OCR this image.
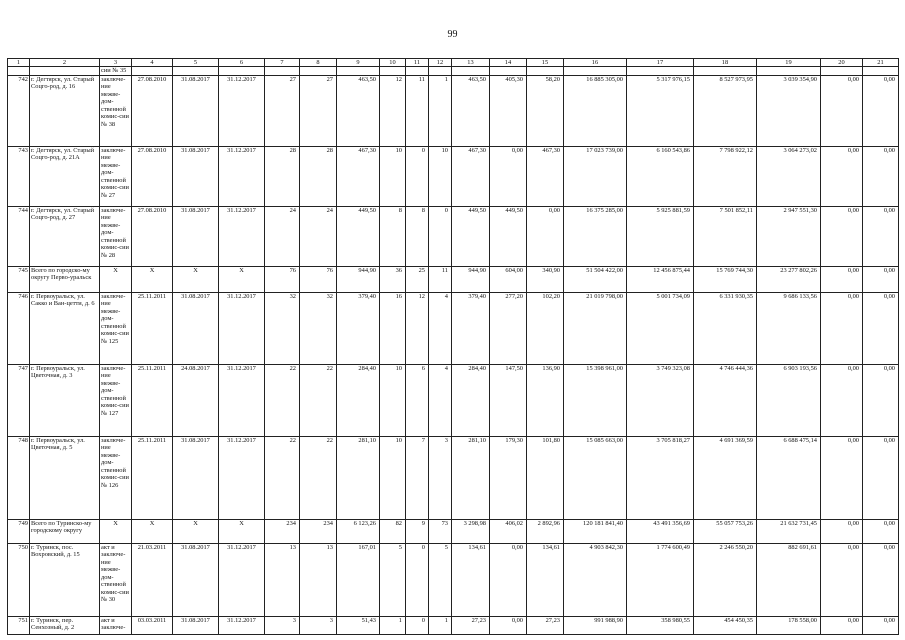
99
1	2	3	4	5	6	7	8	9	10	11	12	13	14	15	16	17	18	19	20	21
		сии № 35																		
742	г. Дегтярск, ул. Старый Соцго-род, д. 16	заключе-ние межве-дом-ственной комис-сии № 38	27.08.2010	31.08.2017	31.12.2017	27	27	463,50	12	11	1	463,50	405,30	58,20	16 885 305,00	5 317 976,15	8 527 973,95	3 039 354,90	0,00	0,00
743	г. Дегтярск, ул. Старый Соцго-род, д. 21А	заключе-ние межве-дом-ственной комис-сии № 27	27.08.2010	31.08.2017	31.12.2017	28	28	467,30	10	0	10	467,30	0,00	467,30	17 023 739,00	6 160 543,86	7 798 922,12	3 064 273,02	0,00	0,00
744	г. Дегтярск, ул. Старый Соцго-род, д. 27	заключе-ние межве-дом-ственной комис-сии № 28	27.08.2010	31.08.2017	31.12.2017	24	24	449,50	8	8	0	449,50	449,50	0,00	16 375 285,00	5 925 881,59	7 501 852,11	2 947 551,30	0,00	0,00
745	Всего по городско-му округу Перво-уральск	X	X	X	X	76	76	944,90	36	25	11	944,90	604,00	340,90	51 504 422,00	12 456 875,44	15 769 744,30	23 277 802,26	0,00	0,00
746	г. Первоуральск, ул. Сакко и Ван-цетти, д. 6	заключе-ние межве-дом-ственной комис-сии № 125	25.11.2011	31.08.2017	31.12.2017	32	32	379,40	16	12	4	379,40	277,20	102,20	21 019 798,00	5 001 734,09	6 331 930,35	9 686 133,56	0,00	0,00
747	г. Первоуральск, ул. Цветочная, д. 3	заключе-ние межве-дом-ственной комис-сии № 127	25.11.2011	24.08.2017	31.12.2017	22	22	284,40	10	6	4	284,40	147,50	136,90	15 398 961,00	3 749 323,08	4 746 444,36	6 903 193,56	0,00	0,00
748	г. Первоуральск, ул. Цветочная, д. 5	заключе-ние межве-дом-ственной комис-сии № 126	25.11.2011	31.08.2017	31.12.2017	22	22	281,10	10	7	3	281,10	179,30	101,80	15 085 663,00	3 705 818,27	4 691 369,59	6 688 475,14	0,00	0,00
749	Всего по Туринско-му городскому округу	X	X	X	X	234	234	6 123,26	82	9	73	3 298,98	406,02	2 892,96	120 181 841,40	43 491 356,69	55 057 753,26	21 632 731,45	0,00	0,00
750	г. Туринск, пос. Вохровский, д. 15	акт и заключе-ние межве-дом-ственной комис-сии № 30	21.03.2011	31.08.2017	31.12.2017	13	13	167,01	5	0	5	134,61	0,00	134,61	4 903 842,30	1 774 600,49	2 246 550,20	882 691,61	0,00	0,00
751	г. Туринск, пер. Сенхозный, д. 2	акт и заключе-	03.03.2011	31.08.2017	31.12.2017	3	3	51,43	1	0	1	27,23	0,00	27,23	991 988,90	358 980,55	454 450,35	178 558,00	0,00	0,00
